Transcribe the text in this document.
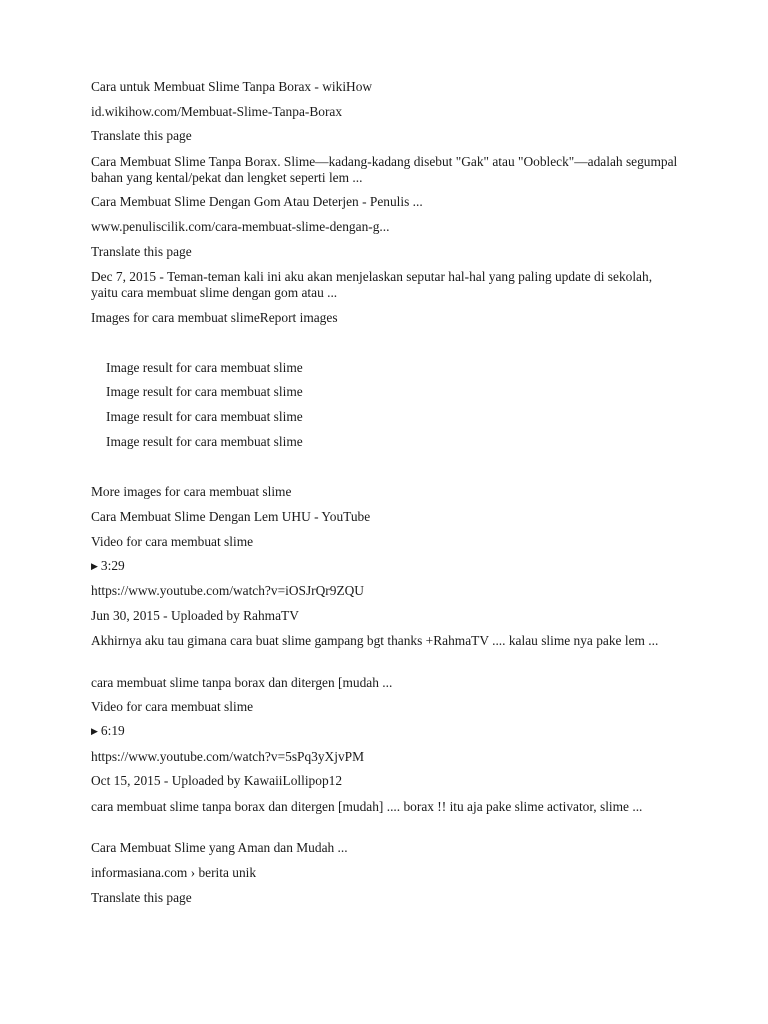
Cara untuk Membuat Slime Tanpa Borax - wikiHow
id.wikihow.com/Membuat-Slime-Tanpa-Borax
Translate this page
Cara Membuat Slime Tanpa Borax. Slime—kadang-kadang disebut "Gak" atau "Oobleck"—adalah segumpal bahan yang kental/pekat dan lengket seperti lem ...
Cara Membuat Slime Dengan Gom Atau Deterjen - Penulis ...
www.penuliscilik.com/cara-membuat-slime-dengan-g...
Translate this page
Dec 7, 2015 - Teman-teman kali ini aku akan menjelaskan seputar hal-hal yang paling update di sekolah, yaitu cara membuat slime dengan gom atau ...
Images for cara membuat slimeReport images
Image result for cara membuat slime
Image result for cara membuat slime
Image result for cara membuat slime
Image result for cara membuat slime
More images for cara membuat slime
Cara Membuat Slime Dengan Lem UHU - YouTube
Video for cara membuat slime
▶ 3:29
https://www.youtube.com/watch?v=iOSJrQr9ZQU
Jun 30, 2015 - Uploaded by RahmaTV
Akhirnya aku tau gimana cara buat slime gampang bgt thanks +RahmaTV .... kalau slime nya pake lem ...
cara membuat slime tanpa borax dan ditergen [mudah ...
Video for cara membuat slime
▶ 6:19
https://www.youtube.com/watch?v=5sPq3yXjvPM
Oct 15, 2015 - Uploaded by KawaiiLollipop12
cara membuat slime tanpa borax dan ditergen [mudah] .... borax !! itu aja pake slime activator, slime ...
Cara Membuat Slime yang Aman dan Mudah ...
informasiana.com › berita unik
Translate this page
